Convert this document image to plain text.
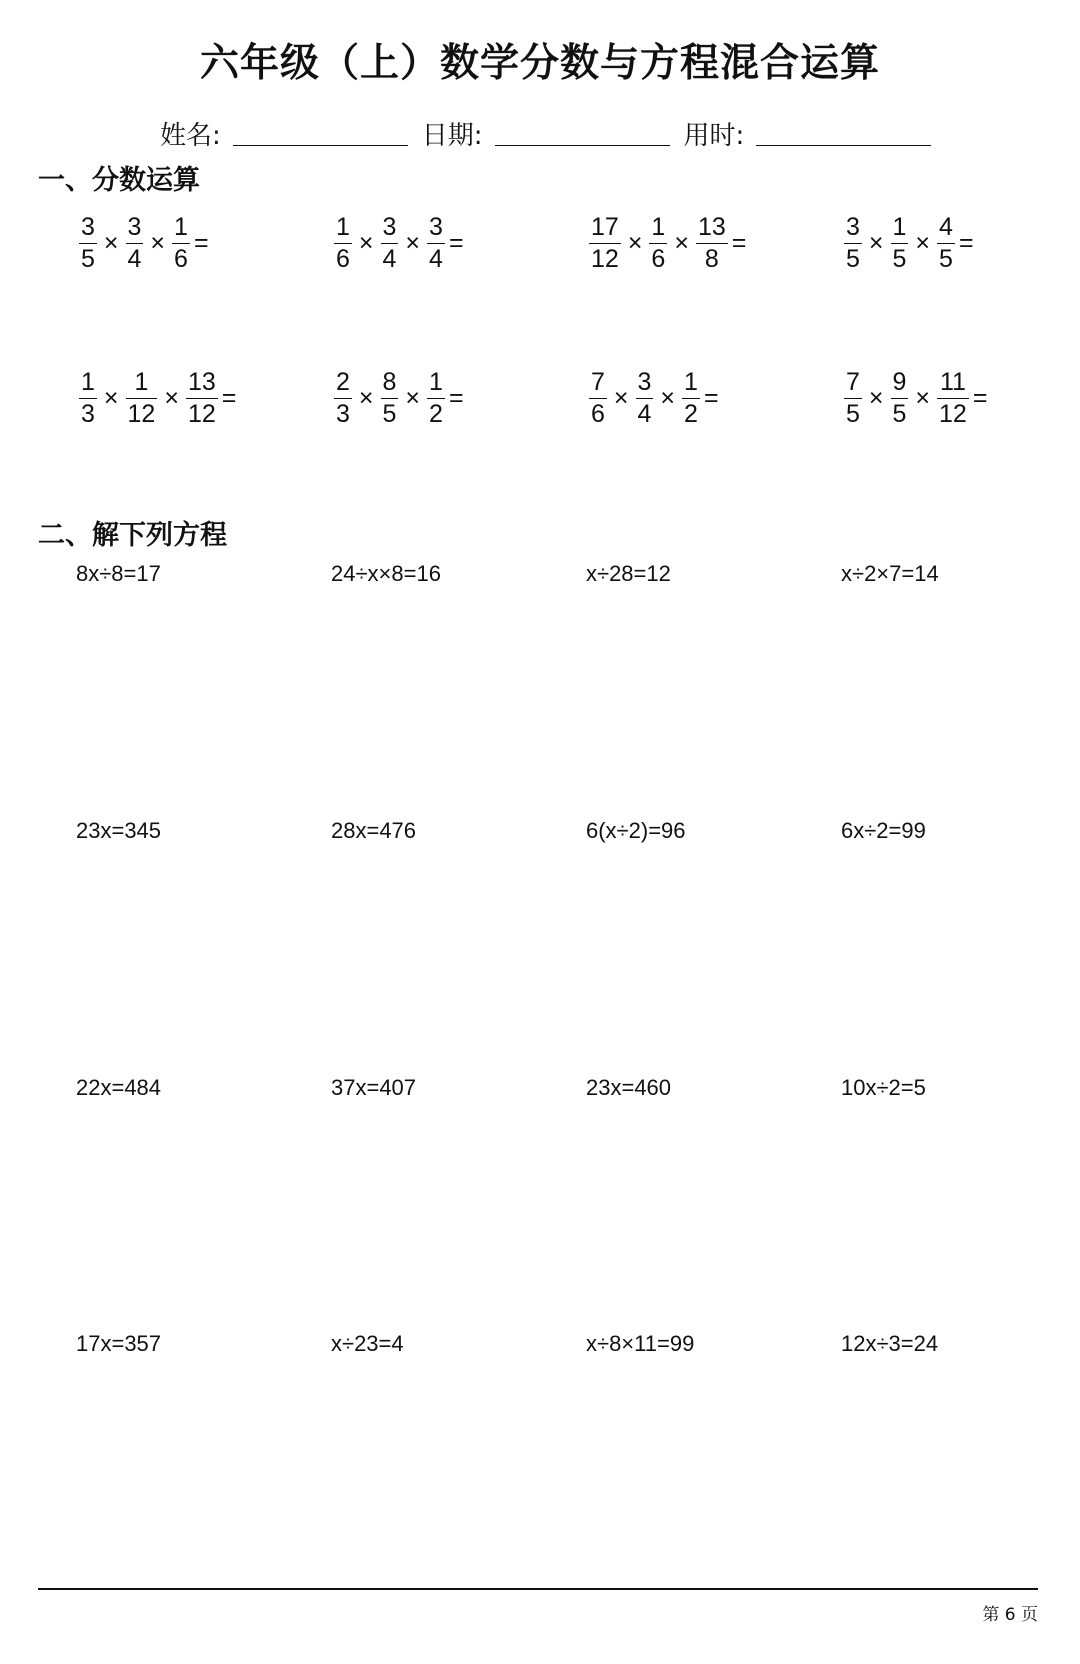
六年级（上）数学分数与方程混合运算
姓名:	日期:	用时:
一、分数运算
$\frac{3}{5} \times \frac{3}{4} \times \frac{1}{6}$ =	$\frac{1}{6} \times \frac{3}{4} \times \frac{3}{4}$ =	$\frac{17}{12} \times \frac{1}{6} \times \frac{13}{8}$ =	$\frac{3}{5} \times \frac{1}{5} \times \frac{4}{5}$ =
$\frac{1}{3} \times \frac{1}{12} \times \frac{13}{12}$ =	$\frac{2}{3} \times \frac{8}{5} \times \frac{1}{2}$ =	$\frac{7}{6} \times \frac{3}{4} \times \frac{1}{2}$ =	$\frac{7}{5} \times \frac{9}{5} \times \frac{11}{12}$ =
二、解下列方程
8x÷8=17	24÷x×8=16	x÷28=12	x÷2×7=14
23x=345	28x=476	6(x÷2)=96	6x÷2=99
22x=484	37x=407	23x=460	10x÷2=5
17x=357	x÷23=4	x÷8×11=99	12x÷3=24
第 6 页
